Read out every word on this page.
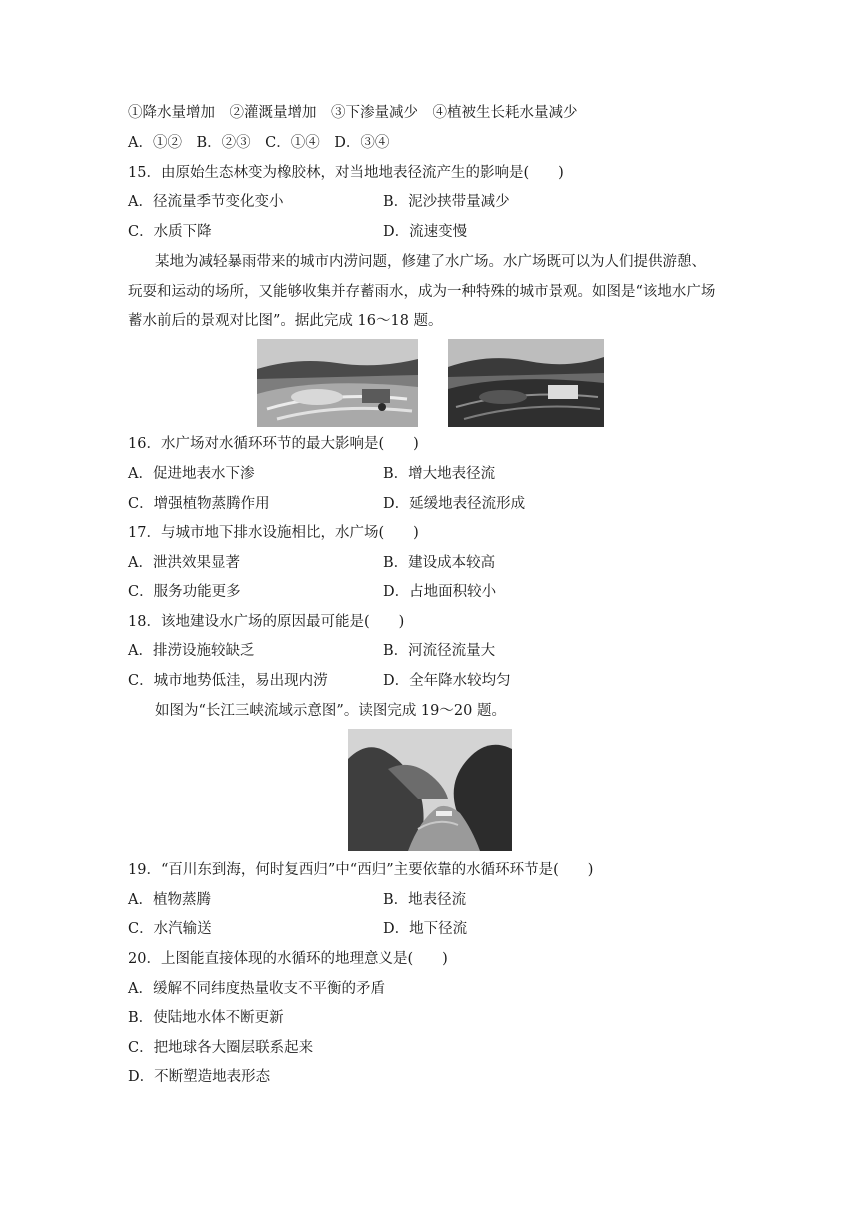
①降水量增加　②灌溉量增加　③下渗量减少　④植被生长耗水量减少
A．①②　B．②③　C．①④　D．③④
15．由原始生态林变为橡胶林，对当地地表径流产生的影响是(　　)
A．径流量季节变化变小	B．泥沙挟带量减少
C．水质下降	D．流速变慢
某地为减轻暴雨带来的城市内涝问题，修建了水广场。水广场既可以为人们提供游憩、
玩耍和运动的场所，又能够收集并存蓄雨水，成为一种特殊的城市景观。如图是“该地水广场
蓄水前后的景观对比图”。据此完成 16～18 题。
16．水广场对水循环环节的最大影响是(　　)
A．促进地表水下渗	B．增大地表径流
C．增强植物蒸腾作用	D．延缓地表径流形成
17．与城市地下排水设施相比，水广场(　　)
A．泄洪效果显著	B．建设成本较高
C．服务功能更多	D．占地面积较小
18．该地建设水广场的原因最可能是(　　)
A．排涝设施较缺乏	B．河流径流量大
C．城市地势低洼，易出现内涝	D．全年降水较均匀
如图为“长江三峡流域示意图”。读图完成 19～20 题。
19．“百川东到海，何时复西归”中“西归”主要依靠的水循环环节是(　　)
A．植物蒸腾	B．地表径流
C．水汽输送	D．地下径流
20．上图能直接体现的水循环的地理意义是(　　)
A．缓解不同纬度热量收支不平衡的矛盾
B．使陆地水体不断更新
C．把地球各大圈层联系起来
D．不断塑造地表形态
